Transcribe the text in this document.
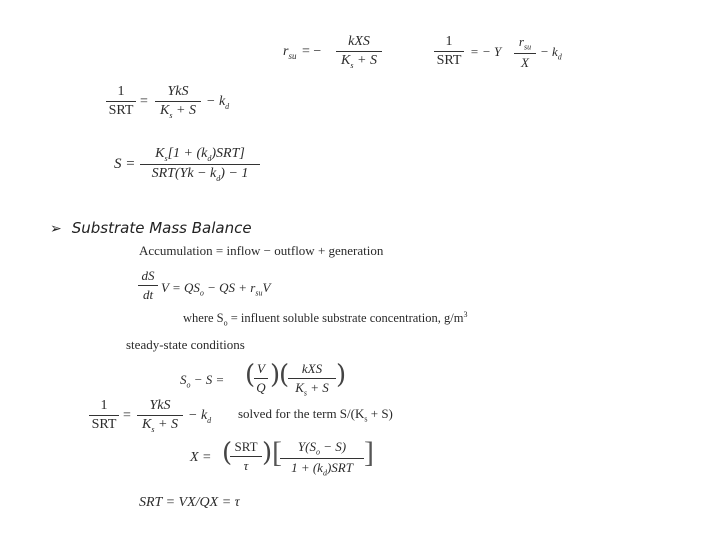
$r_{su}$ = −
kXS
$K_s + S$
1
SRT
= − Y
$r_{su}$
X
− $k_d$
1
SRT
=
YkS
$K_s + S$
− $k_d$
S =
$K_s[1 + (k_d)SRT]$
$SRT(Yk - k_d) - 1$
➢ Substrate Mass Balance
Accumulation = inflow − outflow + generation
dS
dt $V = QS_o$ − QS + $r_{su}V$
where $S_o$ = influent soluble substrate concentration, $g/m^3$
steady-state conditions
$S_o - S$ = ( V
Q )
( kXS
$K_s + S$ )
1
SRT
=
YkS
$K_s + S$
− $k_d$ solved for the term $S/(K_s + S)$
X = ( SRT
τ ) [	$Y(S_o - S)$
$1 + (k_d)SRT$ ]
SRT = VX/QX = τ
